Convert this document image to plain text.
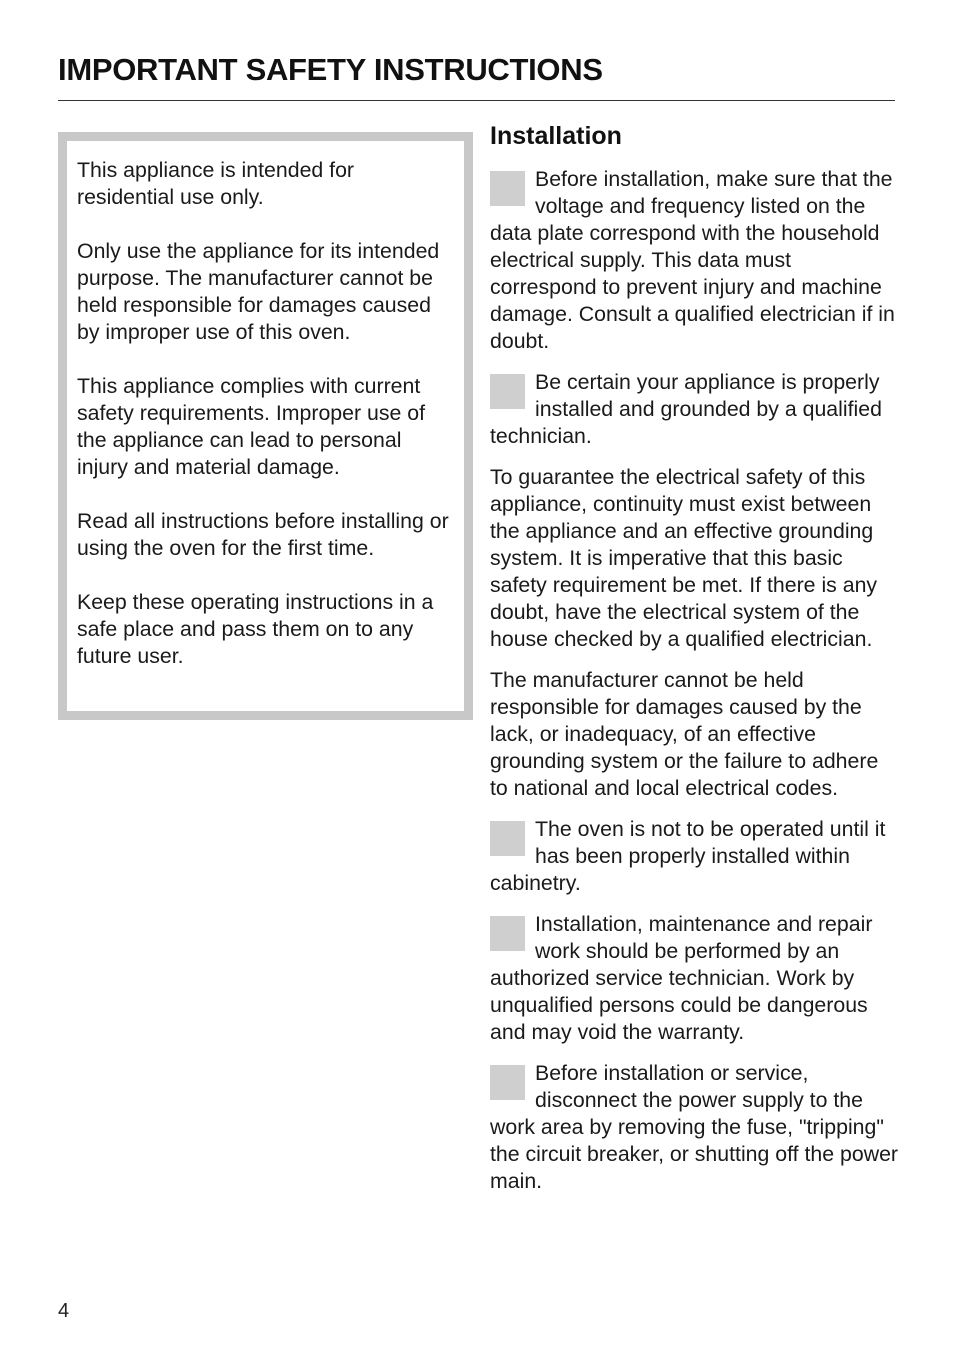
IMPORTANT SAFETY INSTRUCTIONS

This appliance is intended for residential use only.

Only use the appliance for its intended purpose. The manufacturer cannot be held responsible for damages caused by improper use of this oven.

This appliance complies with current safety requirements. Improper use of the appliance can lead to personal injury and material damage.

Read all instructions before installing or using the oven for the first time.

Keep these operating instructions in a safe place and pass them on to any future user.

Installation
Before installation, make sure that the voltage and frequency listed on the data plate correspond with the household electrical supply. This data must correspond to prevent injury and machine damage. Consult a qualified electrician if in doubt.
Be certain your appliance is properly installed and grounded by a qualified technician.

To guarantee the electrical safety of this appliance, continuity must exist between the appliance and an effective grounding system. It is imperative that this basic safety requirement be met. If there is any doubt, have the electrical system of the house checked by a qualified electrician.

The manufacturer cannot be held responsible for damages caused by the lack, or inadequacy, of an effective grounding system or the failure to adhere to national and local electrical codes.

The oven is not to be operated until it has been properly installed within cabinetry.
Installation, maintenance and repair work should be performed by an authorized service technician. Work by unqualified persons could be dangerous and may void the warranty.
Before installation or service, disconnect the power supply to the work area by removing the fuse, "tripping" the circuit breaker, or shutting off the power main.
4
